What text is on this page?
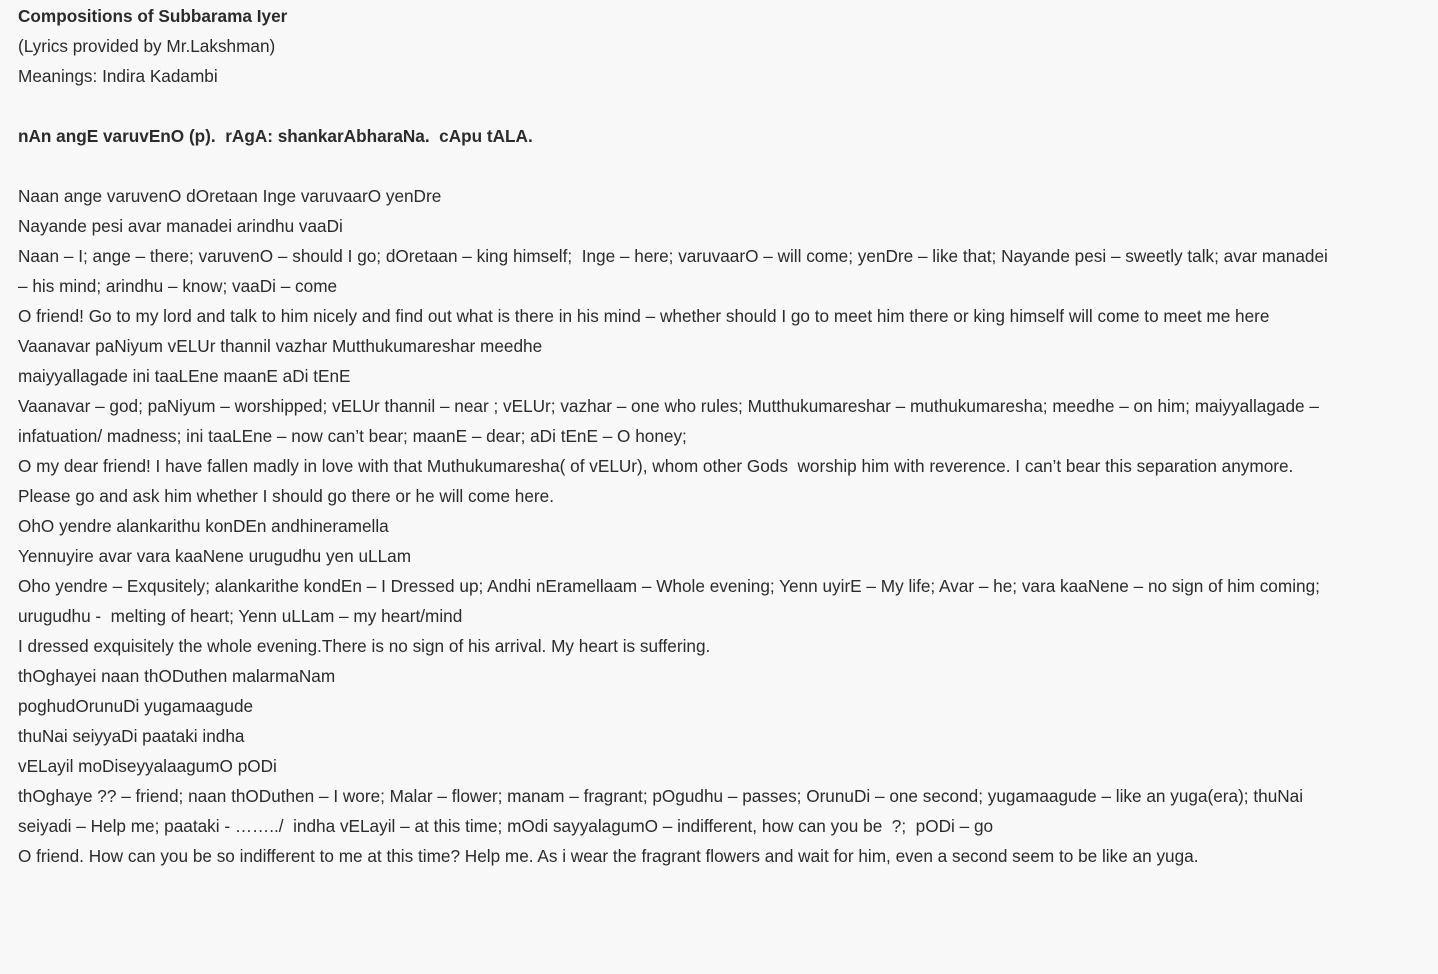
Compositions of Subbarama Iyer
(Lyrics provided by Mr.Lakshman)
Meanings: Indira Kadambi
nAn angE varuvEnO (p).  rAgA: shankarAbharaNa.  cApu tALA.
Naan ange varuvenO dOretaan Inge varuvaarO yenDre
Nayande pesi avar manadei arindhu vaaDi
Naan – I; ange – there; varuvenO – should I go; dOretaan – king himself;  Inge – here; varuvaarO – will come; yenDre – like that; Nayande pesi – sweetly talk; avar manadei
– his mind; arindhu – know; vaaDi – come
O friend! Go to my lord and talk to him nicely and find out what is there in his mind – whether should I go to meet him there or king himself will come to meet me here
Vaanavar paNiyum vELUr thannil vazhar Mutthukumareshar meedhe
maiyyallagade ini taaLEne maanE aDi tEnE
Vaanavar – god; paNiyum – worshipped; vELUr thannil – near ; vELUr; vazhar – one who rules; Mutthukumareshar – muthukumaresha; meedhe – on him; maiyyallagade –
infatuation/ madness; ini taaLEne – now can’t bear; maanE – dear; aDi tEnE – O honey;
O my dear friend! I have fallen madly in love with that Muthukumaresha( of vELUr), whom other Gods  worship him with reverence. I can’t bear this separation anymore.
Please go and ask him whether I should go there or he will come here.
OhO yendre alankarithu konDEn andhineramella
Yennuyire avar vara kaaNene urugudhu yen uLLam
Oho yendre – Exqusitely; alankarithe kondEn – I Dressed up; Andhi nEramellaam – Whole evening; Yenn uyirE – My life; Avar – he; vara kaaNene – no sign of him coming;
urugudhu -  melting of heart; Yenn uLLam – my heart/mind
I dressed exquisitely the whole evening.There is no sign of his arrival. My heart is suffering.
thOghayei naan thODuthen malarmaNam
poghudOrunuDi yugamaagude
thuNai seiyyaDi paataki indha
vELayil moDiseyyalaagumO pODi
thOghaye ?? – friend; naan thODuthen – I wore; Malar – flower; manam – fragrant; pOgudhu – passes; OrunuDi – one second; yugamaagude – like an yuga(era); thuNai
seiyadi – Help me; paataki - ……../  indha vELayil – at this time; mOdi sayyalagumO – indifferent, how can you be  ?;  pODi – go
O friend. How can you be so indifferent to me at this time? Help me. As i wear the fragrant flowers and wait for him, even a second seem to be like an yuga.
